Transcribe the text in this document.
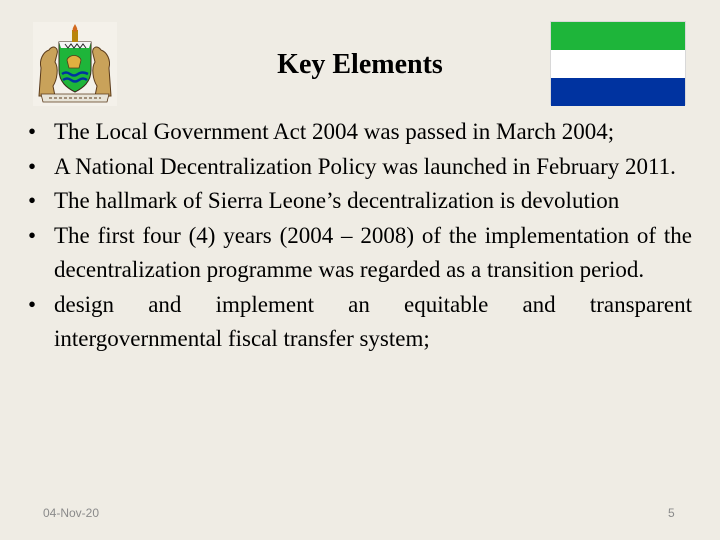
Key Elements
• The Local Government Act 2004 was passed in March 2004;
• A National Decentralization Policy was launched in February 2011.
• The hallmark of Sierra Leone’s decentralization is devolution
• The first four (4) years (2004 – 2008) of the implementation of the decentralization programme was regarded as a transition period.
• design and implement an equitable and transparent intergovernmental fiscal transfer system;
04-Nov-20	5
